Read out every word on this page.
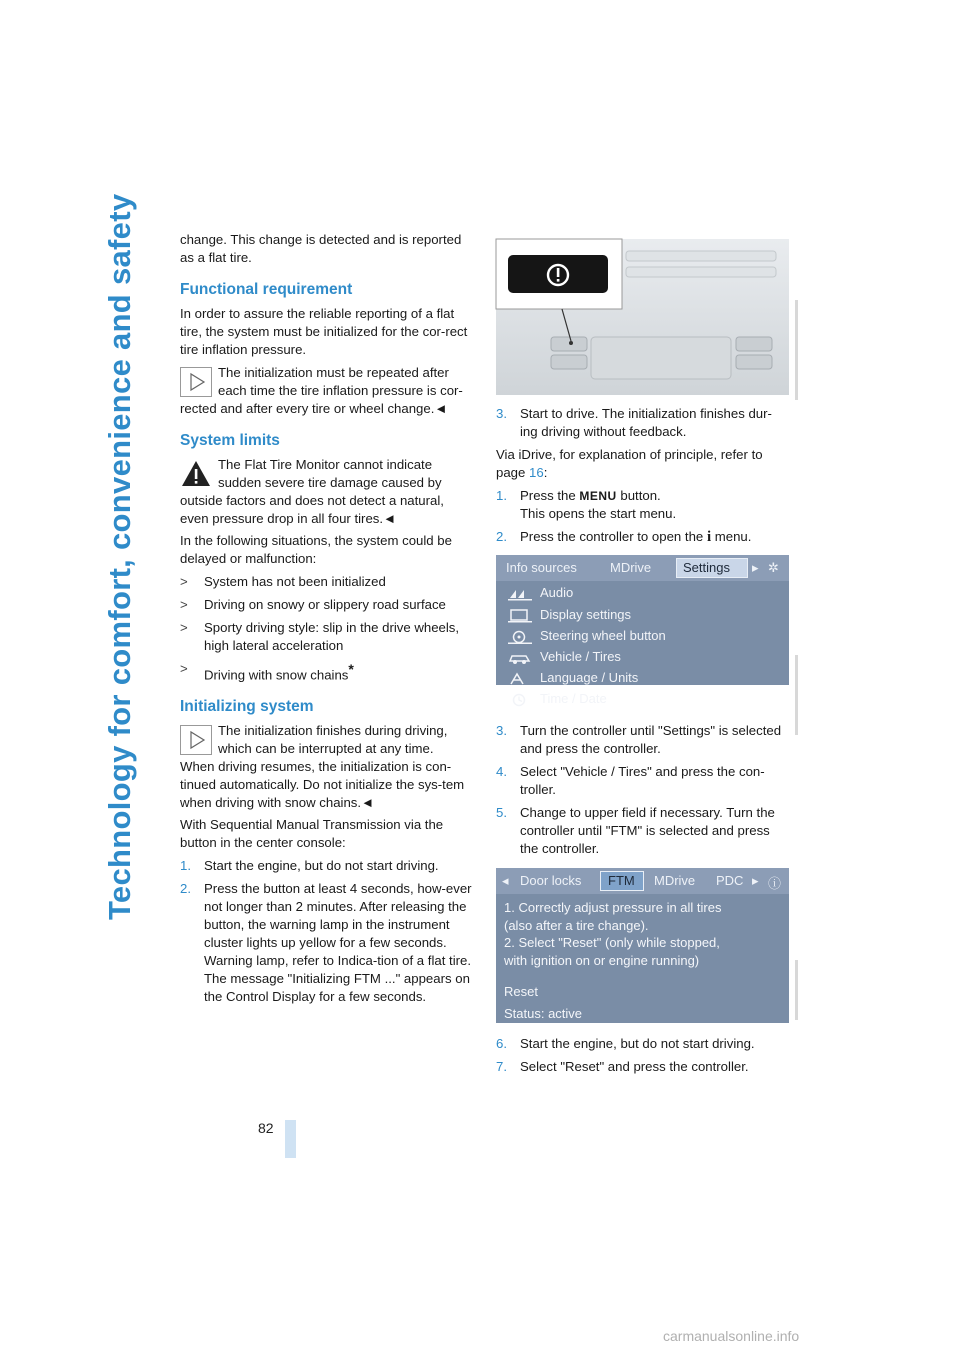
Technology for comfort, convenience and safety
82

change. This change is detected and is reported as a flat tire.

Functional requirement

In order to assure the reliable reporting of a flat tire, the system must be initialized for the cor-rect tire inflation pressure.

The initialization must be repeated after each time the tire inflation pressure is cor-
rected and after every tire or wheel change.◄
System limits
The Flat Tire Monitor cannot indicate sudden severe tire damage caused by
outside factors and does not detect a natural, even pressure drop in all four tires.◄

In the following situations, the system could be delayed or malfunction:

> System has not been initialized
> Driving on snowy or slippery road surface
> Sporty driving style: slip in the drive wheels, high lateral acceleration
> Driving with snow chains*
Initializing system
The initialization finishes during driving, which can be interrupted at any time.
When driving resumes, the initialization is con-tinued automatically. Do not initialize the sys-tem when driving with snow chains.◄

With Sequential Manual Transmission via the button in the center console:

1. Start the engine, but do not start driving.
2. Press the button at least 4 seconds, how-ever not longer than 2 minutes. After releasing the button, the warning lamp in the instrument cluster lights up yellow for a few seconds. Warning lamp, refer to Indica-tion of a flat tire. The message "Initializing FTM ..." appears on the Control Display for a few seconds.
3. Start to drive. The initialization finishes dur-ing driving without feedback.

Via iDrive, for explanation of principle, refer to page 16:

1. Press the MENU button.
This opens the start menu.
2. Press the controller to open the i menu.
Info sources	MDrive Settings ▸ ✲
Audio
Display settings
Steering wheel button
Vehicle / Tires
Language / Units
Time / Date
3. Turn the controller until "Settings" is selected and press the controller.
4. Select "Vehicle / Tires" and press the con-troller.
5. Change to upper field if necessary. Turn the controller until "FTM" is selected and press the controller.
◂ Door locks FTM MDrive PDC ▸ ⓘ
1. Correctly adjust pressure in all tires
(also after a tire change).
2. Select "Reset" (only while stopped,
with ignition on or engine running)
Reset
Status: active
6. Start the engine, but do not start driving.
7. Select "Reset" and press the controller.
carmanualsonline.info
